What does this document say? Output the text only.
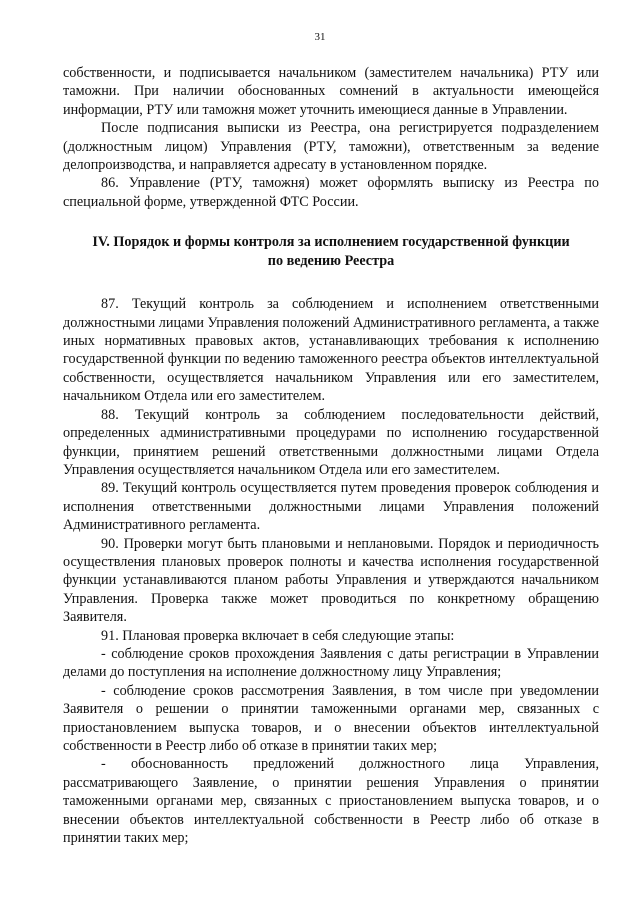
31

собственности, и подписывается начальником (заместителем начальника) РТУ или таможни. При наличии обоснованных сомнений в актуальности имеющейся информации, РТУ или таможня может уточнить имеющиеся данные в Управлении.

После подписания выписки из Реестра, она регистрируется подразделением (должностным лицом) Управления (РТУ, таможни), ответственным за ведение делопроизводства, и направляется адресату в установленном порядке.

86. Управление (РТУ, таможня) может оформлять выписку из Реестра по специальной форме, утвержденной ФТС России.

IV. Порядок и формы контроля за исполнением государственной функции по ведению Реестра

87. Текущий контроль за соблюдением и исполнением ответственными должностными лицами Управления положений Административного регламента, а также иных нормативных правовых актов, устанавливающих требования к исполнению государственной функции по ведению таможенного реестра объектов интеллектуальной собственности, осуществляется начальником Управления или его заместителем, начальником Отдела или его заместителем.

88. Текущий контроль за соблюдением последовательности действий, определенных административными процедурами по исполнению государственной функции, принятием решений ответственными должностными лицами Отдела Управления осуществляется начальником Отдела или его заместителем.

89. Текущий контроль осуществляется путем проведения проверок соблюдения и исполнения ответственными должностными лицами Управления положений Административного регламента.

90. Проверки могут быть плановыми и неплановыми. Порядок и периодичность осуществления плановых проверок полноты и качества исполнения государственной функции устанавливаются планом работы Управления и утверждаются начальником Управления. Проверка также может проводиться по конкретному обращению Заявителя.

91. Плановая проверка включает в себя следующие этапы:

- соблюдение сроков прохождения Заявления с даты регистрации в Управлении делами до поступления на исполнение должностному лицу Управления;

- соблюдение сроков рассмотрения Заявления, в том числе при уведомлении Заявителя о решении о принятии таможенными органами мер, связанных с приостановлением выпуска товаров, и о внесении объектов интеллектуальной собственности в Реестр либо об отказе в принятии таких мер;

- обоснованность предложений должностного лица Управления, рассматривающего Заявление, о принятии решения Управления о принятии таможенными органами мер, связанных с приостановлением выпуска товаров, и о внесении объектов интеллектуальной собственности в Реестр либо об отказе в принятии таких мер;
